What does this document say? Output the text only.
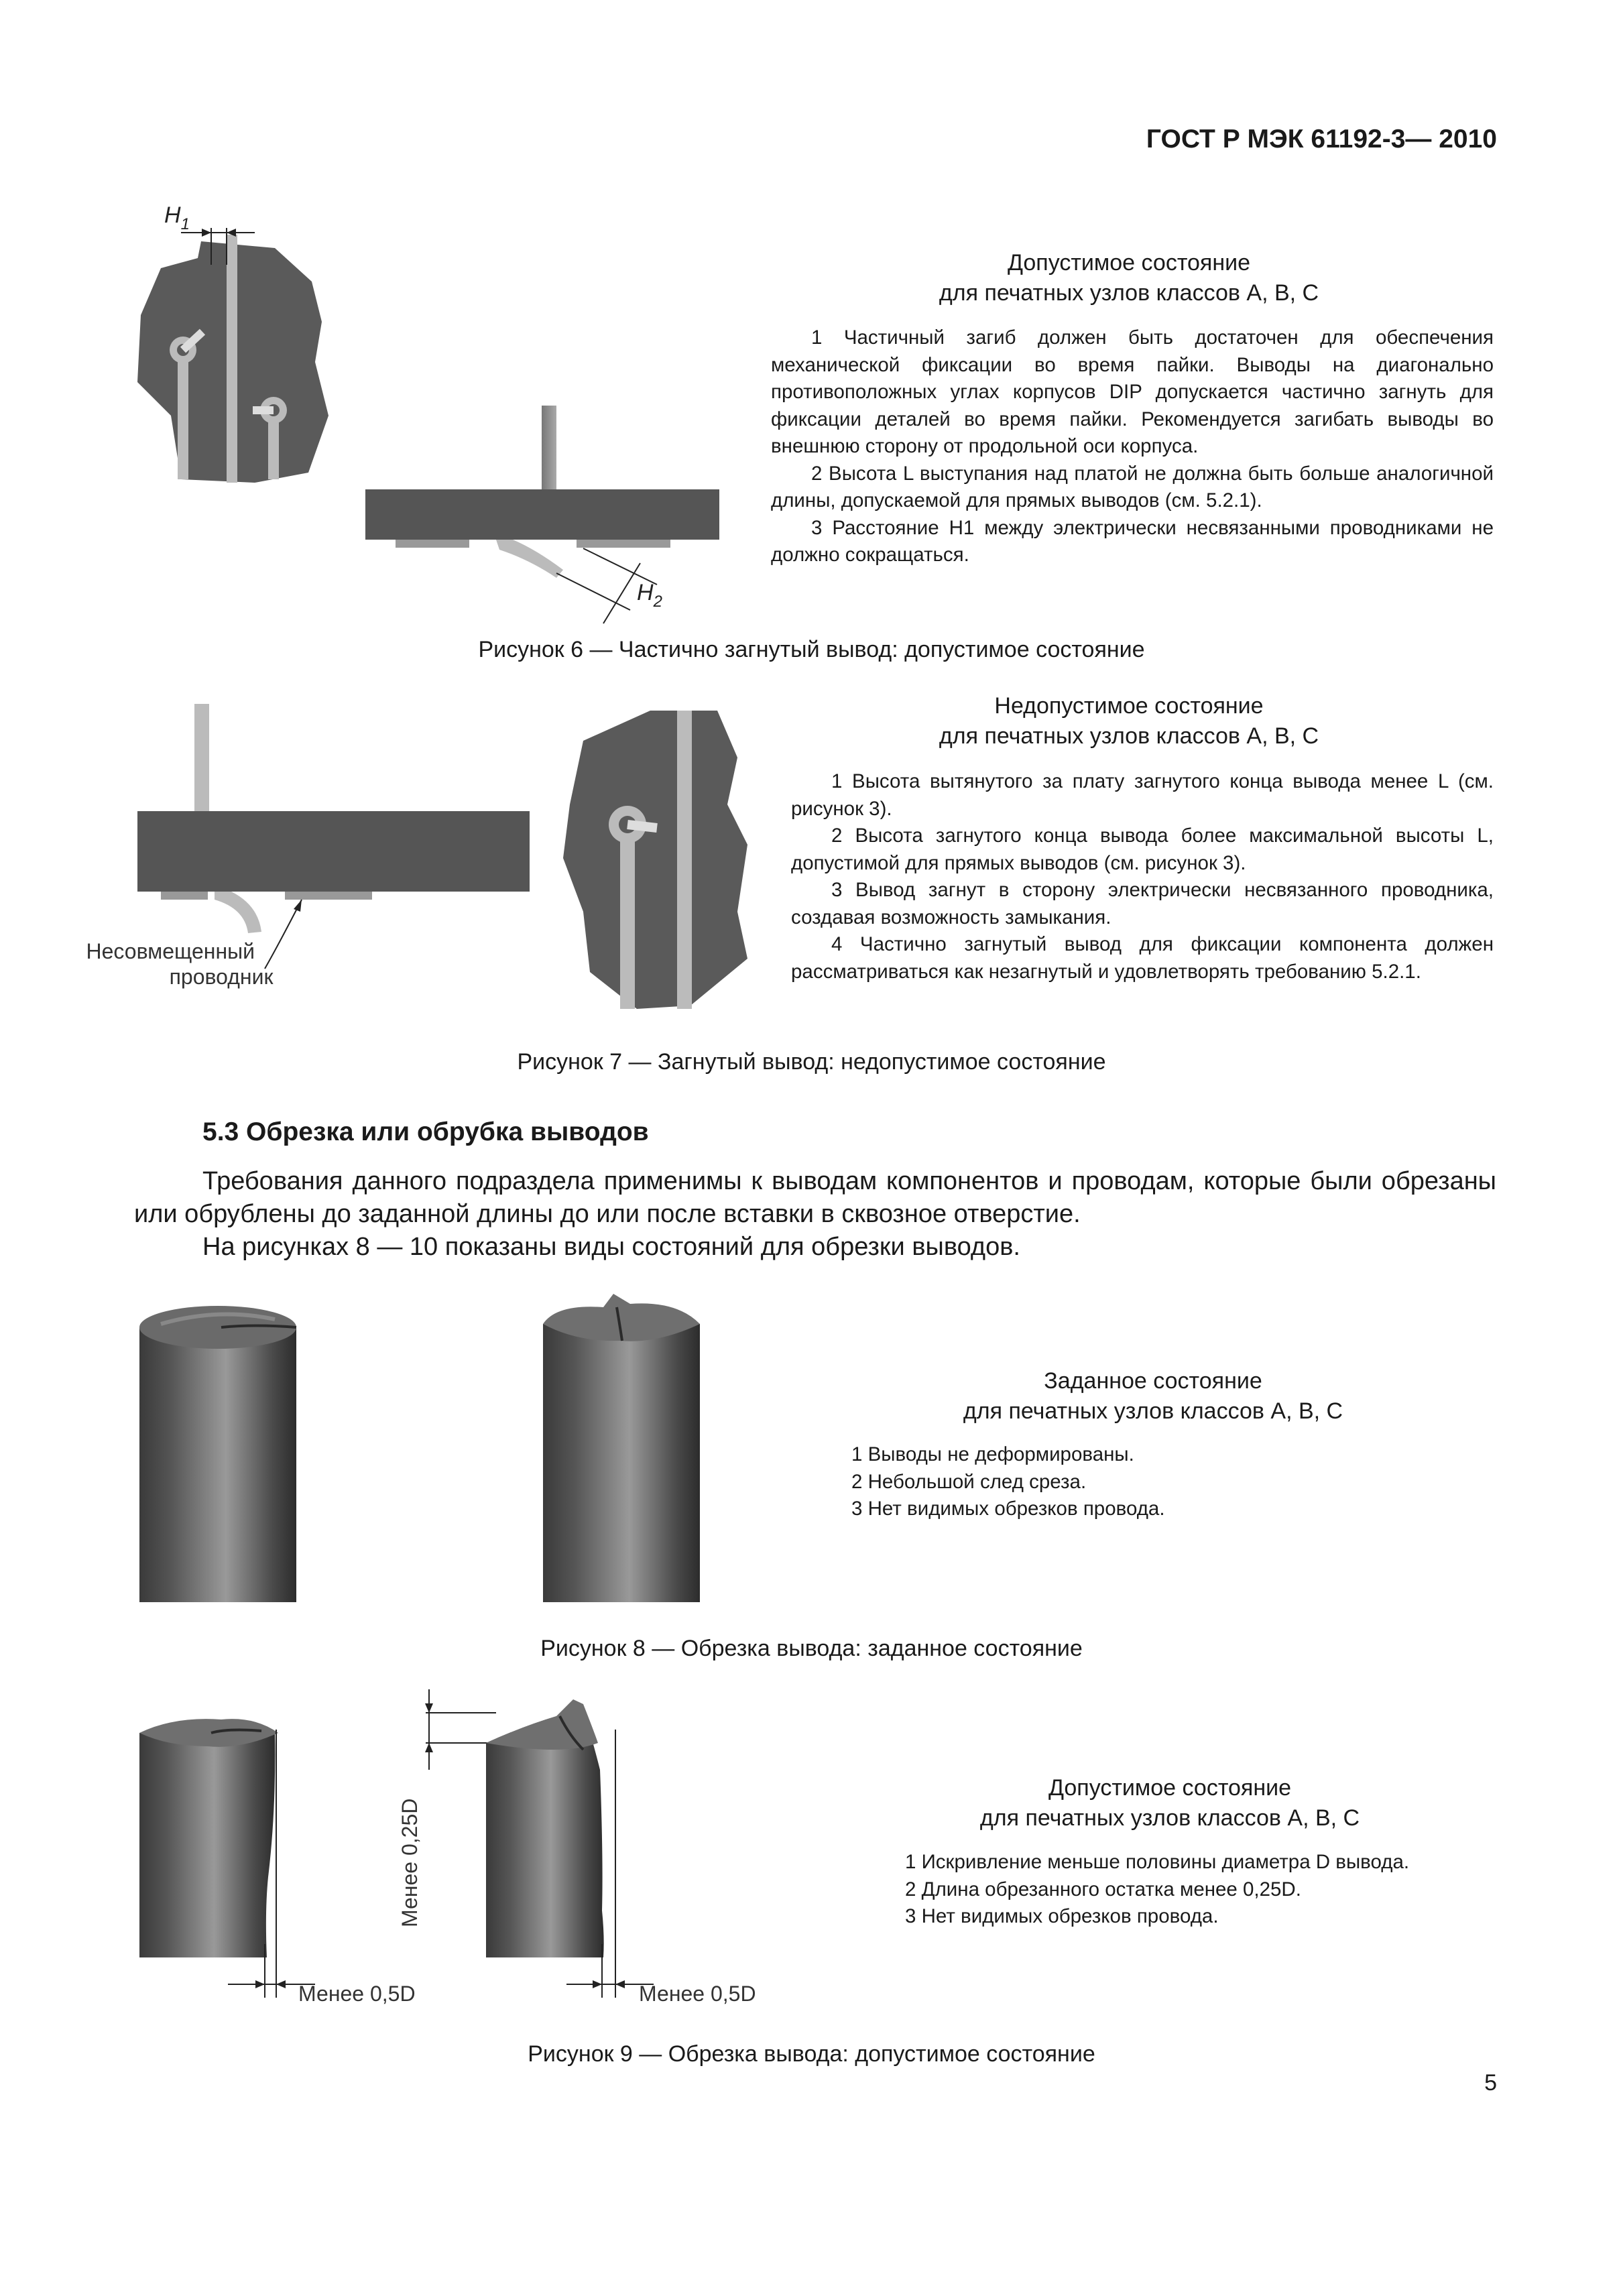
ГОСТ Р МЭК 61192-3— 2010
$H_1$
$H_2$
Допустимое состояние
для печатных узлов классов A, B, C

1 Частичный загиб должен быть достаточен для обеспечения механической фиксации во время пайки. Выводы на диагонально противоположных углах корпусов DIP допускается частично загнуть для фиксации деталей во время пайки. Рекомендуется загибать выводы во внешнюю сторону от продольной оси корпуса.

2 Высота L выступания над платой не должна быть больше аналогичной длины, допускаемой для прямых выводов (см. 5.2.1).

3 Расстояние H1 между электрически несвязанными проводниками не должно сокращаться.

Рисунок 6 — Частично загнутый вывод: допустимое состояние
Несовмещенный
проводник
Недопустимое состояние
для печатных узлов классов A, B, C

1 Высота вытянутого за плату загнутого конца вывода менее L (см. рисунок 3).

2 Высота загнутого конца вывода более максимальной высоты L, допустимой для прямых выводов (см. рисунок 3).

3 Вывод загнут в сторону электрически несвязанного проводника, создавая возможность замыкания.

4 Частично загнутый вывод для фиксации компонента должен рассматриваться как незагнутый и удовлетворять требованию 5.2.1.

Рисунок 7 — Загнутый вывод: недопустимое состояние
5.3 Обрезка или обрубка выводов

Требования данного подраздела применимы к выводам компонентов и проводам, которые были обрезаны или обрублены до заданной длины до или после вставки в сквозное отверстие.

На рисунках 8 — 10 показаны виды состояний для обрезки выводов.

Заданное состояние
для печатных узлов классов A, B, C

1 Выводы не деформированы.

2 Небольшой след среза.

3 Нет видимых обрезков провода.

Рисунок 8 — Обрезка вывода: заданное состояние
Менее 0,5D
Менее 0,25D
Менее 0,5D
Допустимое состояние
для печатных узлов классов A, B, C

1 Искривление меньше половины диаметра D вывода.

2 Длина обрезанного остатка менее 0,25D.

3 Нет видимых обрезков провода.

Рисунок 9 — Обрезка вывода: допустимое состояние
5
